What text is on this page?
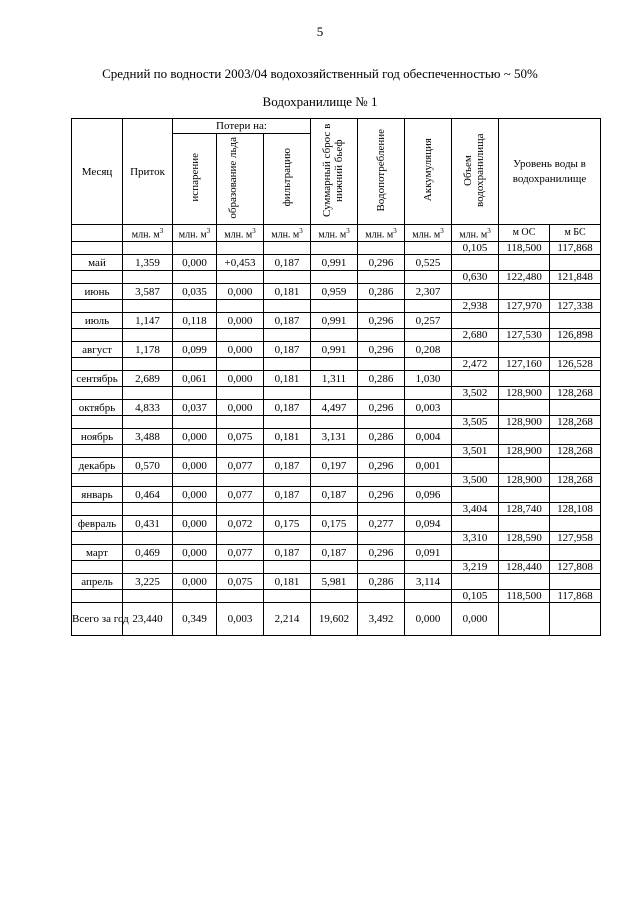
5
Средний по водности 2003/04 водохозяйственный год обеспеченностью ~ 50%
Водохранилище № 1
Месяц	Приток	Потери на:			Суммарный сброс в нижний бьеф	Водопотребление	Аккумуляция	Объем водохранилища	Уровень воды в водохранилище	
		испарение	образование льда	фильтрацию						
	млн. $м^3$	млн. $м^3$	млн. $м^3$	млн. $м^3$	млн. $м^3$	млн. $м^3$	млн. $м^3$	млн. $м^3$	м ОС	м БС
								0,105	118,500	117,868
май	1,359	0,000	+0,453	0,187	0,991	0,296	0,525			
								0,630	122,480	121,848
июнь	3,587	0,035	0,000	0,181	0,959	0,286	2,307			
								2,938	127,970	127,338
июль	1,147	0,118	0,000	0,187	0,991	0,296	0,257			
								2,680	127,530	126,898
август	1,178	0,099	0,000	0,187	0,991	0,296	0,208			
								2,472	127,160	126,528
сентябрь	2,689	0,061	0,000	0,181	1,311	0,286	1,030			
								3,502	128,900	128,268
октябрь	4,833	0,037	0,000	0,187	4,497	0,296	0,003			
								3,505	128,900	128,268
ноябрь	3,488	0,000	0,075	0,181	3,131	0,286	0,004			
								3,501	128,900	128,268
декабрь	0,570	0,000	0,077	0,187	0,197	0,296	0,001			
								3,500	128,900	128,268
январь	0,464	0,000	0,077	0,187	0,187	0,296	0,096			
								3,404	128,740	128,108
февраль	0,431	0,000	0,072	0,175	0,175	0,277	0,094			
								3,310	128,590	127,958
март	0,469	0,000	0,077	0,187	0,187	0,296	0,091			
								3,219	128,440	127,808
апрель	3,225	0,000	0,075	0,181	5,981	0,286	3,114			
								0,105	118,500	117,868
Всего за год	23,440	0,349	0,003	2,214	19,602	3,492	0,000	0,000		
